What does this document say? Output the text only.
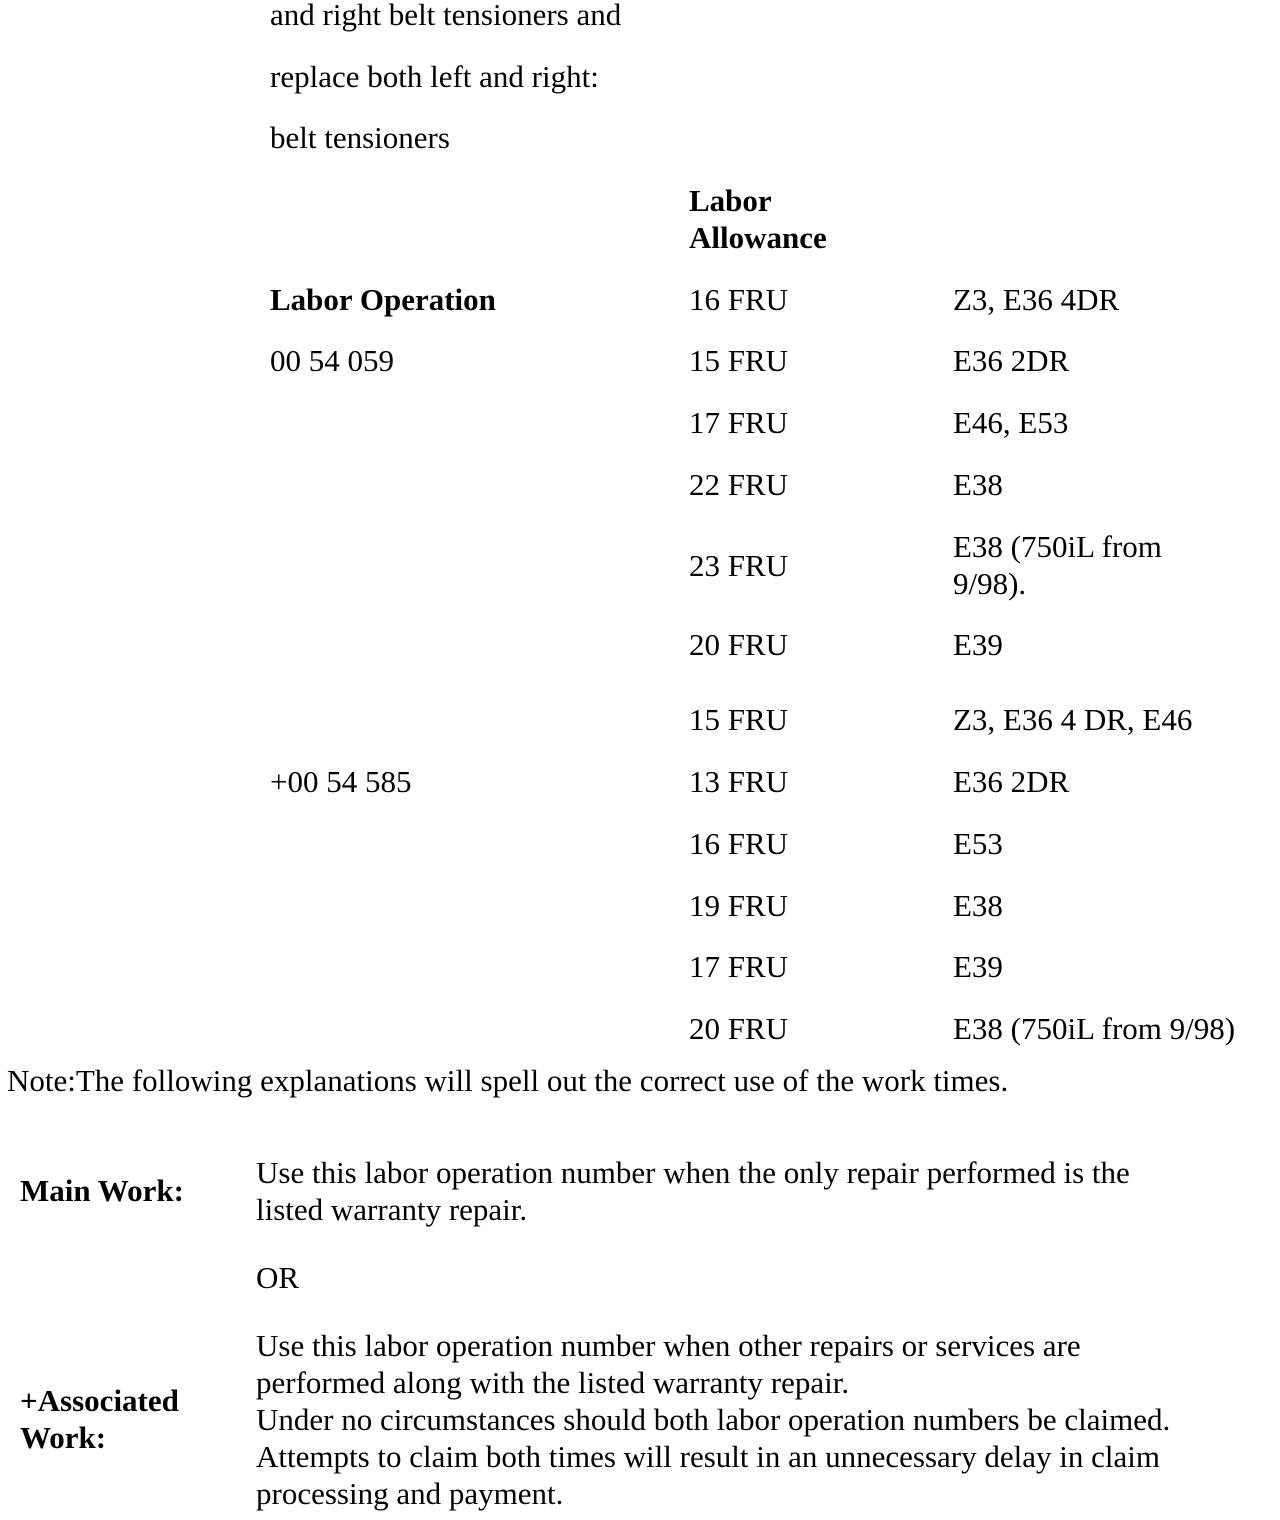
and right belt tensioners and
replace both left and right:
belt tensioners
Labor
Allowance
Labor Operation
00 54 059
+00 54 585
16 FRU
15 FRU
17 FRU
22 FRU
23 FRU
20 FRU
15 FRU
13 FRU
16 FRU
19 FRU
17 FRU
20 FRU
Z3, E36 4DR
E36 2DR
E46, E53
E38
E38 (750iL from
9/98).
E39
Z3, E36 4 DR, E46
E36 2DR
E53
E38
E39
E38 (750iL from 9/98)
Note:The following explanations will spell out the correct use of the work times.
Main Work:
Use this labor operation number when the only repair performed is the
listed warranty repair.
OR
+Associated
Work:
Use this labor operation number when other repairs or services are
performed along with the listed warranty repair.
Under no circumstances should both labor operation numbers be claimed.
Attempts to claim both times will result in an unnecessary delay in claim
processing and payment.
